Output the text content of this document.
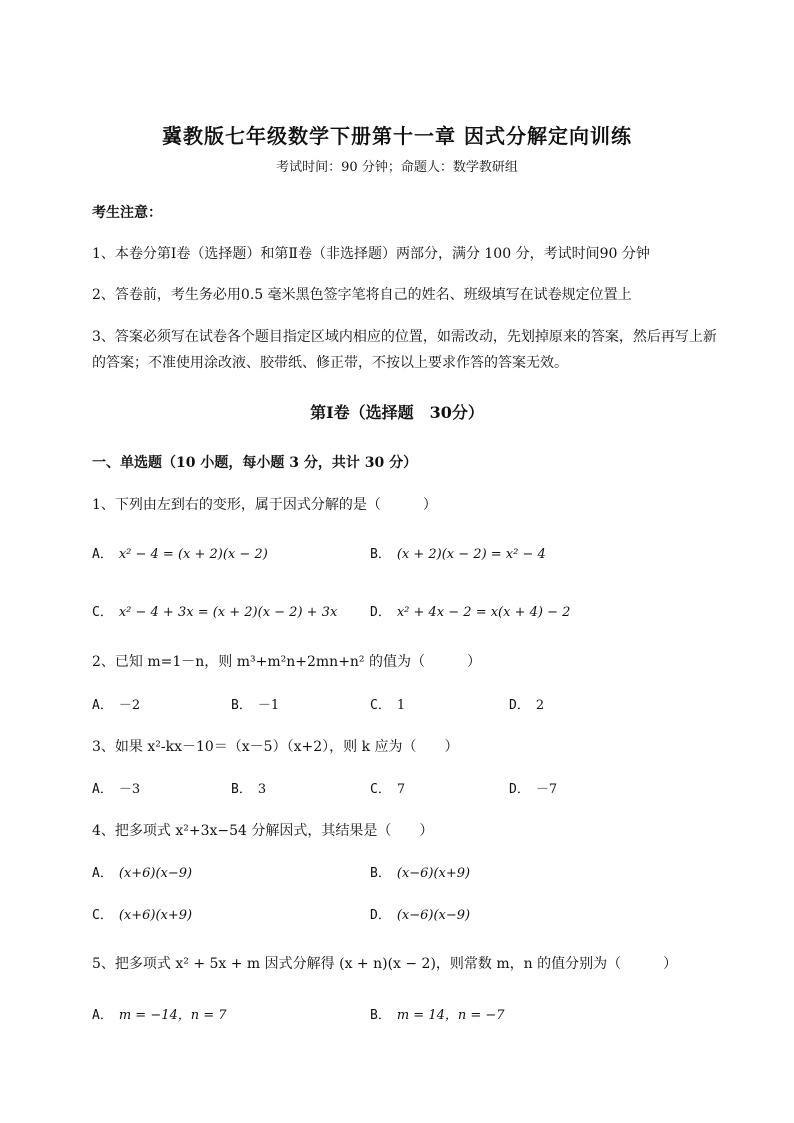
冀教版七年级数学下册第十一章 因式分解定向训练
考试时间：90 分钟；命题人：数学教研组
考生注意：
1、本卷分第Ⅰ卷（选择题）和第Ⅱ卷（非选择题）两部分，满分 100 分，考试时间90 分钟
2、答卷前，考生务必用0.5 毫米黑色签字笔将自己的姓名、班级填写在试卷规定位置上
3、答案必须写在试卷各个题目指定区域内相应的位置，如需改动，先划掉原来的答案，然后再写上新
的答案；不准使用涂改液、胶带纸、修正带，不按以上要求作答的答案无效。
第Ⅰ卷（选择题　30分）
一、单选题（10 小题，每小题 3 分，共计 30 分）
1、下列由左到右的变形，属于因式分解的是（　　　）
A． x² − 4 = (x + 2)(x − 2)	B． (x + 2)(x − 2) = x² − 4
C． x² − 4 + 3x = (x + 2)(x − 2) + 3x	D． x² + 4x − 2 = x(x + 4) − 2
2、已知 m=1－n，则 m³+m²n+2mn+n² 的值为（　　　）
A． －2	B． －1	C． 1	D． 2
3、如果 x²-kx－10＝（x－5）（x+2），则 k 应为（　　）
A． －3	B． 3	C． 7	D． －7
4、把多项式 x²+3x−54 分解因式，其结果是（　　）
A． (x+6)(x−9)	B． (x−6)(x+9)
C． (x+6)(x+9)	D． (x−6)(x−9)
5、把多项式 x² + 5x + m 因式分解得 (x + n)(x − 2)，则常数 m，n 的值分别为（　　　）
A． m = −14，n = 7	B． m = 14，n = −7
